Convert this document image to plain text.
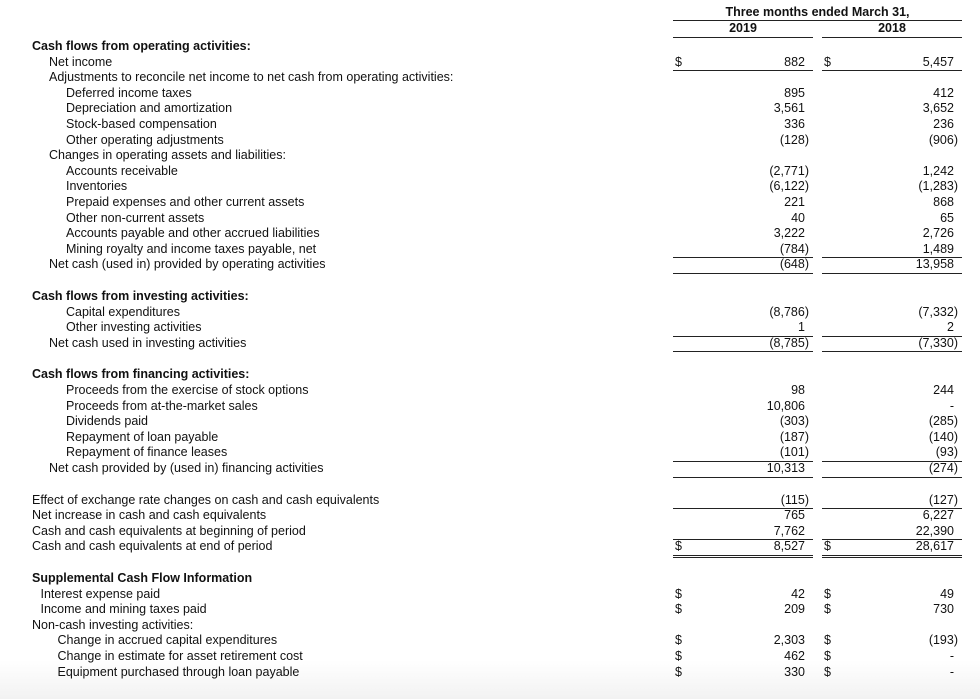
Three months ended March 31,
2019	2018
Cash flows from operating activities:
Net income	$	882 $	5,457
Adjustments to reconcile net income to net cash from operating activities:
Deferred income taxes	895	412
Depreciation and amortization	3,561	3,652
Stock-based compensation	336	236
Other operating adjustments	(128)	(906)
Changes in operating assets and liabilities:
Accounts receivable	(2,771)	1,242
Inventories	(6,122)	(1,283)
Prepaid expenses and other current assets	221	868
Other non-current assets	40	65
Accounts payable and other accrued liabilities	3,222	2,726
Mining royalty and income taxes payable, net	(784)	1,489
Net cash (used in) provided by operating activities	(648)	13,958
Cash flows from investing activities:
Capital expenditures	(8,786)	(7,332)
Other investing activities	1	2
Net cash used in investing activities	(8,785)	(7,330)
Cash flows from financing activities:
Proceeds from the exercise of stock options	98	244
Proceeds from at-the-market sales	10,806	-
Dividends paid	(303)	(285)
Repayment of loan payable	(187)	(140)
Repayment of finance leases	(101)	(93)
Net cash provided by (used in) financing activities	10,313	(274)
Effect of exchange rate changes on cash and cash equivalents	(115)	(127)
Net increase in cash and cash equivalents	765	6,227
Cash and cash equivalents at beginning of period	7,762	22,390
Cash and cash equivalents at end of period	$	8,527 $	28,617
Supplemental Cash Flow Information
Interest expense paid	$	42 $	49
Income and mining taxes paid	$	209 $	730
Non-cash investing activities:
Change in accrued capital expenditures	$	2,303 $	(193)
Change in estimate for asset retirement cost	$	462 $	-
Equipment purchased through loan payable	$	330 $	-
